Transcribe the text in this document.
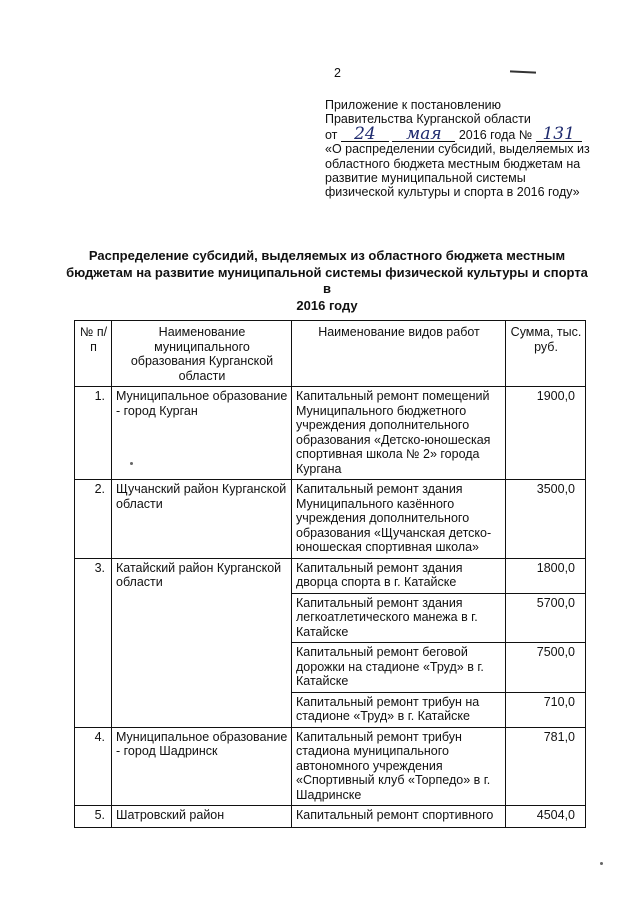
2
Приложение к постановлению
Правительства Курганской области
от 24 мая 2016 года № 131
«О распределении субсидий, выделяемых из
областного бюджета местным бюджетам на
развитие муниципальной системы
физической культуры и спорта в 2016 году»
Распределение субсидий, выделяемых из областного бюджета местным
бюджетам на развитие муниципальной системы физической культуры и спорта в
2016 году
№ п/п	Наименование муниципального образования Курганской области	Наименование видов работ	Сумма, тыс. руб.
1.	Муниципальное образование - город Курган	Капитальный ремонт помещений Муниципального бюджетного учреждения дополнительного образования «Детско-юношеская спортивная школа № 2» города Кургана	1900,0
2.	Щучанский район Курганской области	Капитальный ремонт здания Муниципального казённого учреждения дополнительного образования «Щучанская детско-юношеская спортивная школа»	3500,0
3.	Катайский район Курганской области	Капитальный ремонт здания дворца спорта в г. Катайске	1800,0
		Капитальный ремонт здания легкоатлетического манежа в г. Катайске	5700,0
		Капитальный ремонт беговой дорожки на стадионе «Труд» в г. Катайске	7500,0
		Капитальный ремонт трибун на стадионе «Труд» в г. Катайске	710,0
4.	Муниципальное образование - город Шадринск	Капитальный ремонт трибун стадиона муниципального автономного учреждения «Спортивный клуб «Торпедо» в г. Шадринске	781,0
5.	Шатровский район	Капитальный ремонт спортивного	4504,0
